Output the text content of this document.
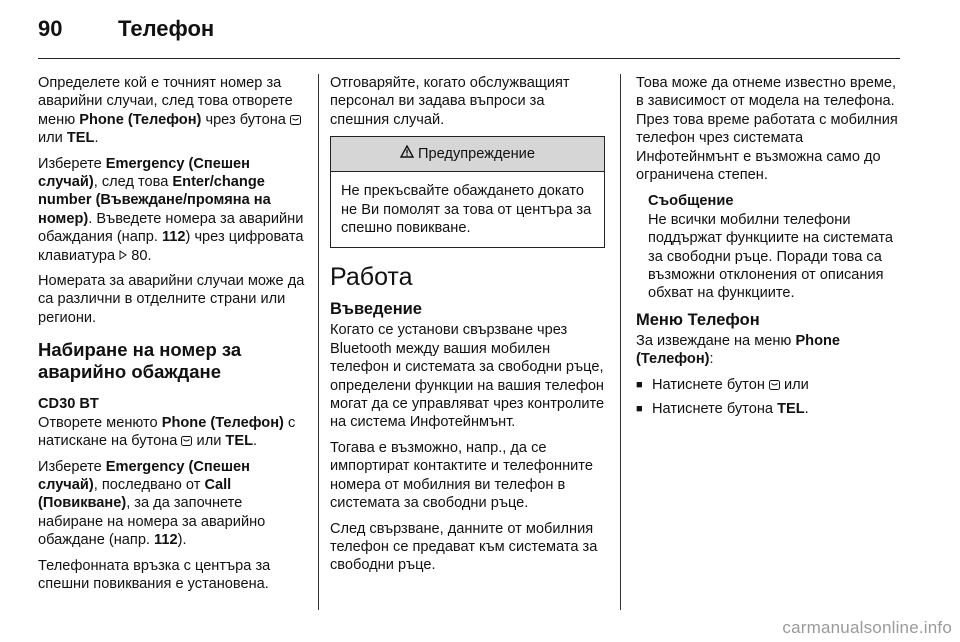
90	Телефон

Определете кой е точният номер за аварийни случаи, след това отворете меню Phone (Телефон) чрез бутона
или TEL.

Изберете Emergency (Спешен случай), след това Enter/change number (Въвеждане/промяна на номер). Въведете номера за аварийни обаждания (напр. 112) чрез цифровата клавиатура  80.

Номерата за аварийни случаи може да са различни в отделните страни или региони.

Набиране на номер за аварийно обаждане
CD30 BT

Отворете менюто Phone (Телефон) с натискане на бутона
или TEL.

Изберете Emergency (Спешен случай), последвано от Call (Повикване), за да започнете набиране на номера за аварийно обаждане (напр. 112).

Телефонната връзка с центъра за спешни повиквания е установена.

Отговаряйте, когато обслужващият персонал ви задава въпроси за спешния случай.

Предупреждение
Не прекъсвайте обаждането докато не Ви помолят за това от центъра за спешно повикване.
Работа
Въведение

Когато се установи свързване чрез Bluetooth между вашия мобилен телефон и системата за свободни ръце, определени функции на вашия телефон могат да се управляват чрез контролите на система Инфотейнмънт.

Тогава е възможно, напр., да се импортират контактите и телефонните номера от мобилния ви телефон в системата за свободни ръце.

След свързване, данните от мобилния телефон се предават към системата за свободни ръце.

Това може да отнеме известно време, в зависимост от модела на телефона. През това време работата с мобилния телефон чрез системата Инфотейнмънт е възможна само до ограничена степен.

Съобщение
Не всички мобилни телефони поддържат функциите на системата за свободни ръце. Поради това са възможни отклонения от описания обхват на функциите.
Меню Телефон

За извеждане на меню Phone (Телефон):

■ Натиснете бутон
или
■ Натиснете бутона TEL.
carmanualsonline.info
